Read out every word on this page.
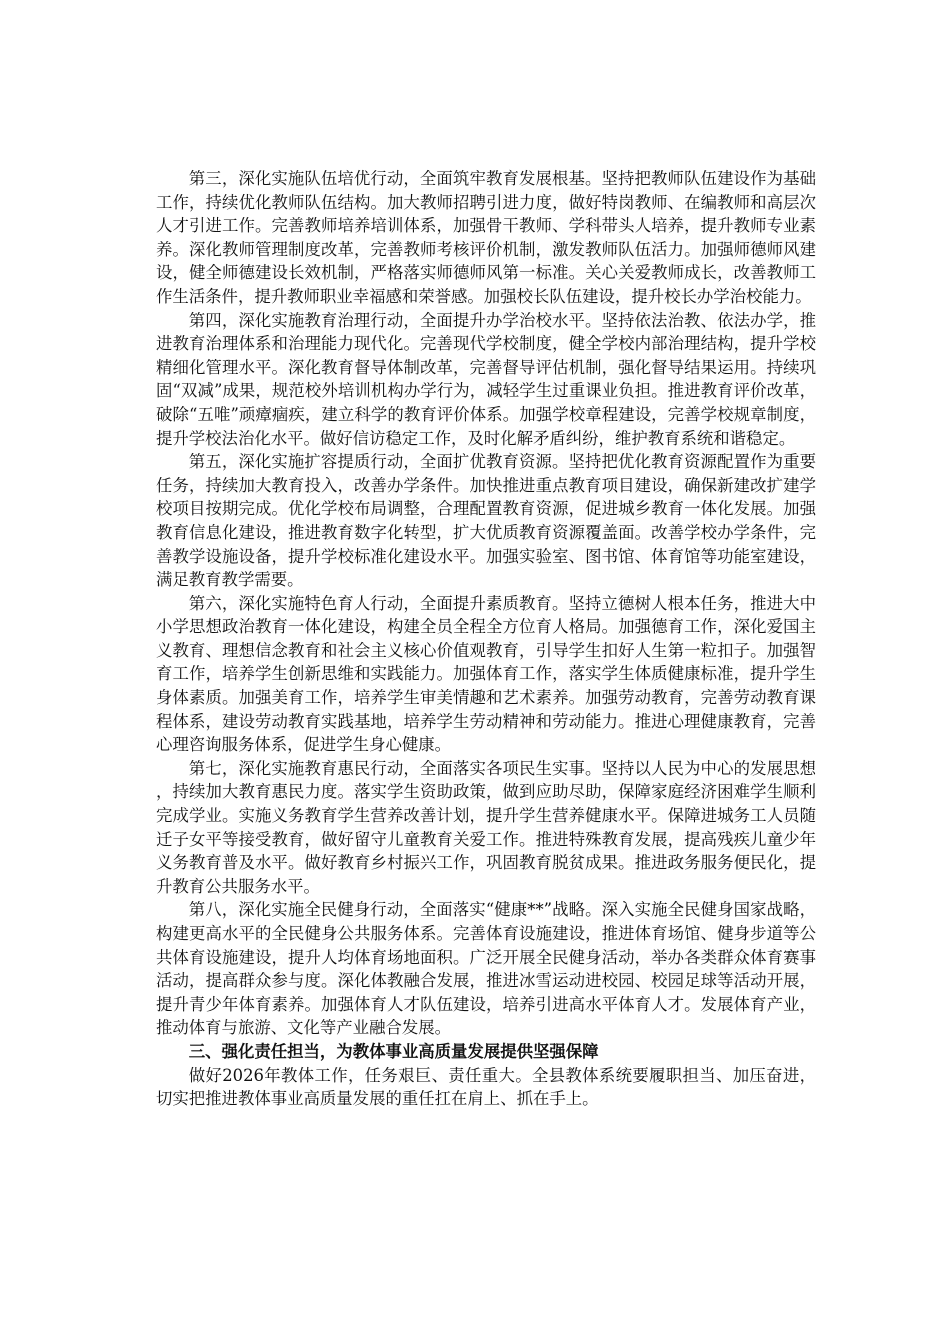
第三，深化实施队伍培优行动，全面筑牢教育发展根基。坚持把教师队伍建设作为基础工作，持续优化教师队伍结构。加大教师招聘引进力度，做好特岗教师、在编教师和高层次人才引进工作。完善教师培养培训体系，加强骨干教师、学科带头人培养，提升教师专业素养。深化教师管理制度改革，完善教师考核评价机制，激发教师队伍活力。加强师德师风建设，健全师德建设长效机制，严格落实师德师风第一标准。关心关爱教师成长，改善教师工作生活条件，提升教师职业幸福感和荣誉感。加强校长队伍建设，提升校长办学治校能力。

第四，深化实施教育治理行动，全面提升办学治校水平。坚持依法治教、依法办学，推进教育治理体系和治理能力现代化。完善现代学校制度，健全学校内部治理结构，提升学校精细化管理水平。深化教育督导体制改革，完善督导评估机制，强化督导结果运用。持续巩固“双减”成果，规范校外培训机构办学行为，减轻学生过重课业负担。推进教育评价改革，破除“五唯”顽瘴痼疾，建立科学的教育评价体系。加强学校章程建设，完善学校规章制度，提升学校法治化水平。做好信访稳定工作，及时化解矛盾纠纷，维护教育系统和谐稳定。

第五，深化实施扩容提质行动，全面扩优教育资源。坚持把优化教育资源配置作为重要任务，持续加大教育投入，改善办学条件。加快推进重点教育项目建设，确保新建改扩建学校项目按期完成。优化学校布局调整，合理配置教育资源，促进城乡教育一体化发展。加强教育信息化建设，推进教育数字化转型，扩大优质教育资源覆盖面。改善学校办学条件，完善教学设施设备，提升学校标准化建设水平。加强实验室、图书馆、体育馆等功能室建设，满足教育教学需要。

第六，深化实施特色育人行动，全面提升素质教育。坚持立德树人根本任务，推进大中小学思想政治教育一体化建设，构建全员全程全方位育人格局。加强德育工作，深化爱国主义教育、理想信念教育和社会主义核心价值观教育，引导学生扣好人生第一粒扣子。加强智育工作，培养学生创新思维和实践能力。加强体育工作，落实学生体质健康标准，提升学生身体素质。加强美育工作，培养学生审美情趣和艺术素养。加强劳动教育，完善劳动教育课程体系，建设劳动教育实践基地，培养学生劳动精神和劳动能力。推进心理健康教育，完善心理咨询服务体系，促进学生身心健康。

第七，深化实施教育惠民行动，全面落实各项民生实事。坚持以人民为中心的发展思想，持续加大教育惠民力度。落实学生资助政策，做到应助尽助，保障家庭经济困难学生顺利完成学业。实施义务教育学生营养改善计划，提升学生营养健康水平。保障进城务工人员随迁子女平等接受教育，做好留守儿童教育关爱工作。推进特殊教育发展，提高残疾儿童少年义务教育普及水平。做好教育乡村振兴工作，巩固教育脱贫成果。推进政务服务便民化，提升教育公共服务水平。

第八，深化实施全民健身行动，全面落实“健康**”战略。深入实施全民健身国家战略，构建更高水平的全民健身公共服务体系。完善体育设施建设，推进体育场馆、健身步道等公共体育设施建设，提升人均体育场地面积。广泛开展全民健身活动，举办各类群众体育赛事活动，提高群众参与度。深化体教融合发展，推进冰雪运动进校园、校园足球等活动开展，提升青少年体育素养。加强体育人才队伍建设，培养引进高水平体育人才。发展体育产业，推动体育与旅游、文化等产业融合发展。

三、强化责任担当，为教体事业高质量发展提供坚强保障

做好2026年教体工作，任务艰巨、责任重大。全县教体系统要履职担当、加压奋进，切实把推进教体事业高质量发展的重任扛在肩上、抓在手上。
